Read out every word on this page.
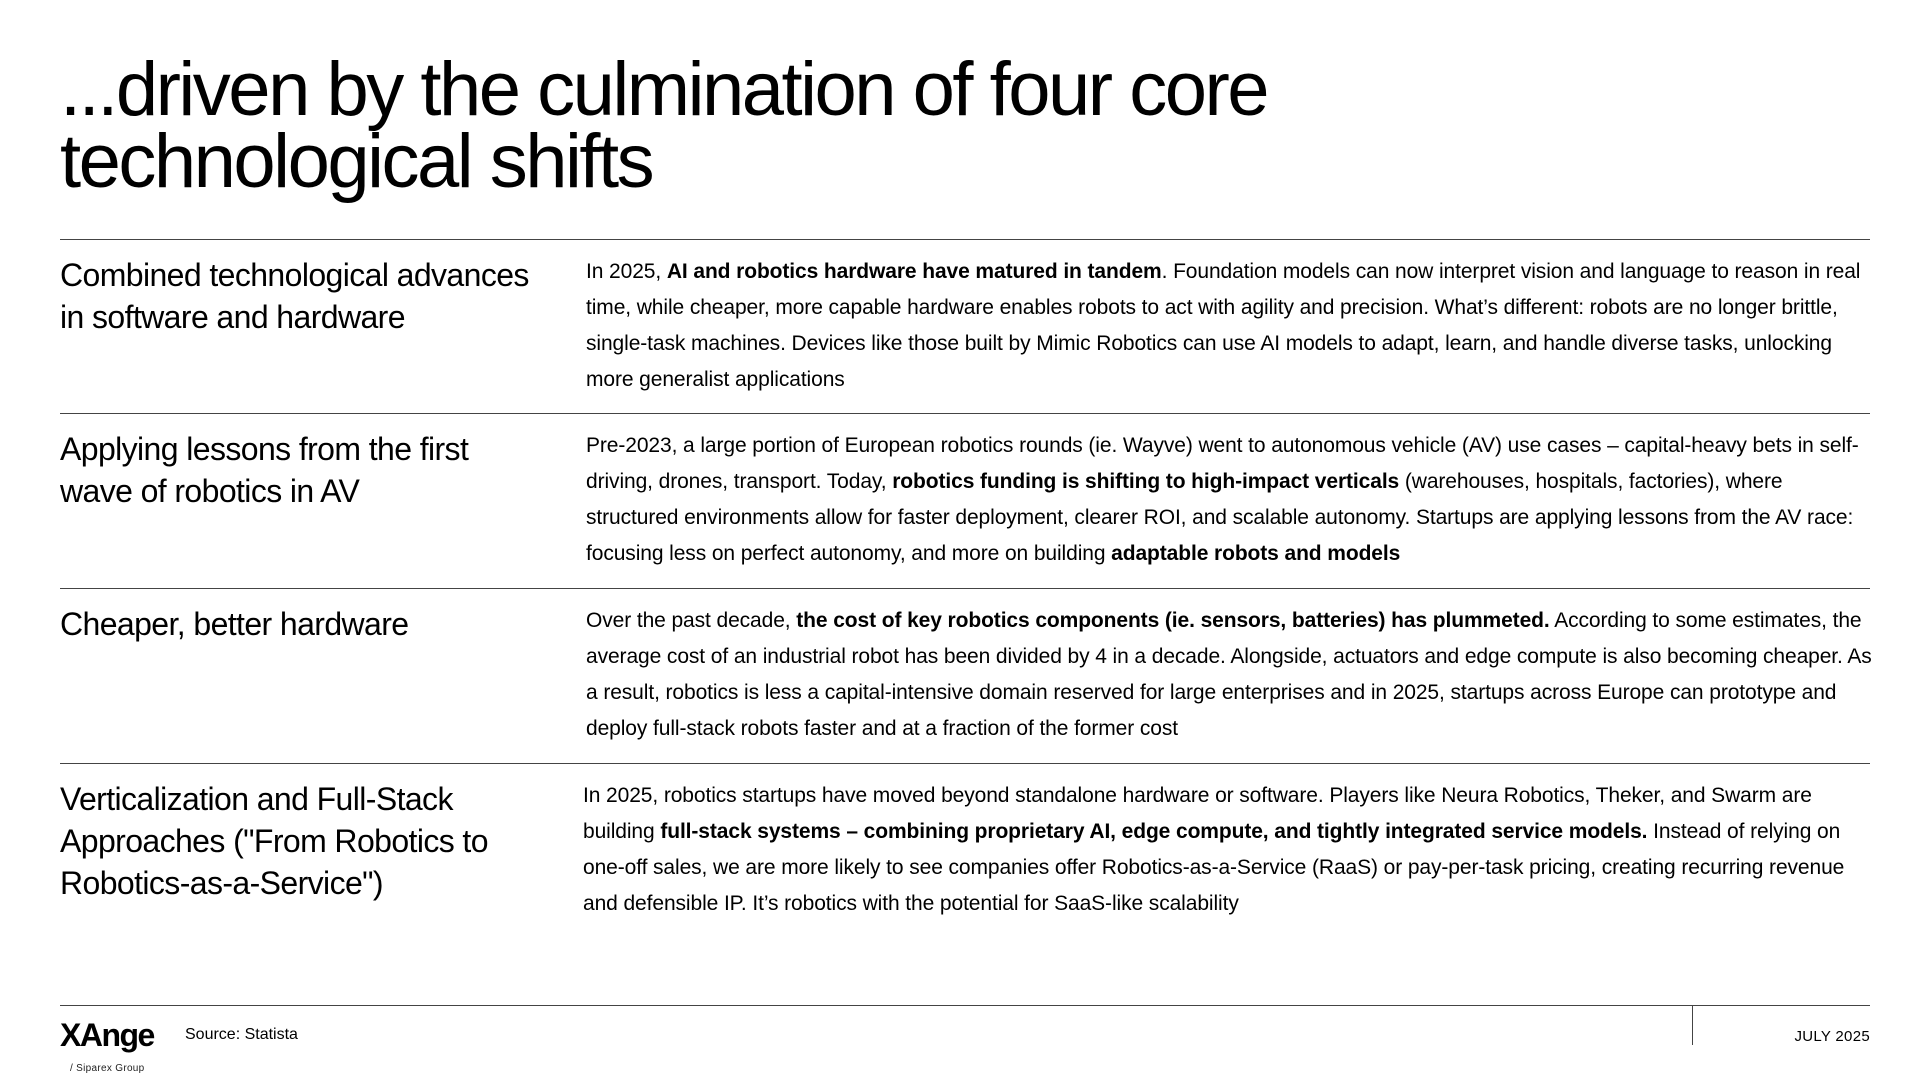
...driven by the culmination of four core
technological shifts
Combined technological advances in software and hardware

In 2025, AI and robotics hardware have matured in tandem. Foundation models can now interpret vision and language to reason in real time, while cheaper, more capable hardware enables robots to act with agility and precision. What’s different: robots are no longer brittle, single-task machines. Devices like those built by Mimic Robotics can use AI models to adapt, learn, and handle diverse tasks, unlocking more generalist applications

Applying lessons from the first wave of robotics in AV

Pre-2023, a large portion of European robotics rounds (ie. Wayve) went to autonomous vehicle (AV) use cases – capital-heavy bets in self-driving, drones, transport. Today, robotics funding is shifting to high-impact verticals (warehouses, hospitals, factories), where structured environments allow for faster deployment, clearer ROI, and scalable autonomy. Startups are applying lessons from the AV race: focusing less on perfect autonomy, and more on building adaptable robots and models

Cheaper, better hardware	Over the past decade, the cost of key robotics components (ie. sensors, batteries) has plummeted. According to some estimates, the average cost of an industrial robot has been divided by 4 in a decade. Alongside, actuators and edge compute is also becoming cheaper. As a result, robotics is less a capital-intensive domain reserved for large enterprises and in 2025, startups across Europe can prototype and deploy full-stack robots faster and at a fraction of the former cost

Verticalization and Full-Stack Approaches ("From Robotics to Robotics-as-a-Service")

In 2025, robotics startups have moved beyond standalone hardware or software. Players like Neura Robotics, Theker, and Swarm are building full-stack systems – combining proprietary AI, edge compute, and tightly integrated service models. Instead of relying on one-off sales, we are more likely to see companies offer Robotics-as-a-Service (RaaS) or pay-per-task pricing, creating recurring revenue and defensible IP. It’s robotics with the potential for SaaS-like scalability

XAnge
/ Siparex Group
Source: Statista	JULY 2025
